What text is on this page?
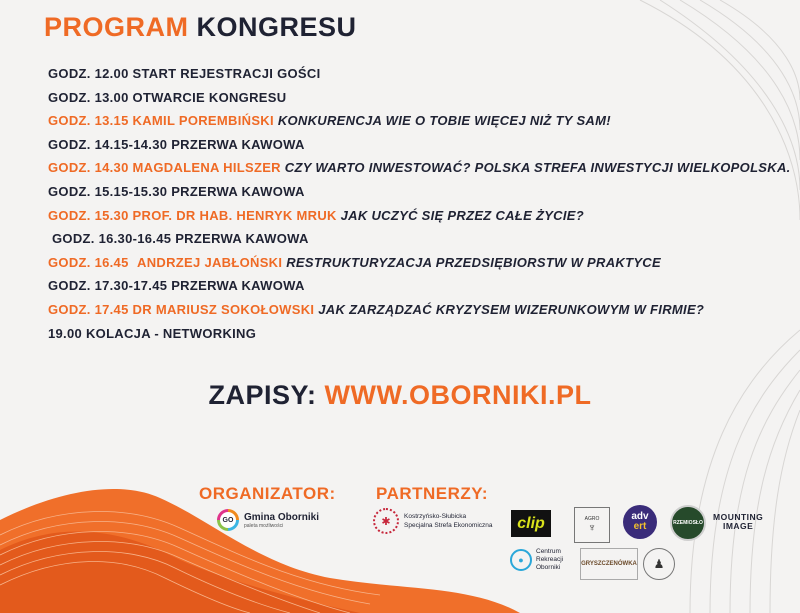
PROGRAM KONGRESU
GODZ. 12.00 START REJESTRACJI GOŚCI
GODZ. 13.00 OTWARCIE KONGRESU
GODZ. 13.15 KAMIL POREMBIŃSKI KONKURENCJA WIE O TOBIE WIĘCEJ NIŻ TY SAM!
GODZ. 14.15-14.30 PRZERWA KAWOWA
GODZ. 14.30 MAGDALENA HILSZER CZY WARTO INWESTOWAĆ? POLSKA STREFA INWESTYCJI WIELKOPOLSKA.
GODZ. 15.15-15.30 PRZERWA KAWOWA
GODZ. 15.30 PROF. DR HAB. HENRYK MRUK JAK UCZYĆ SIĘ PRZEZ CAŁE ŻYCIE?
GODZ. 16.30-16.45 PRZERWA KAWOWA
GODZ. 16.45 ANDRZEJ JABŁOŃSKI RESTRUKTURYZACJA PRZEDSIĘBIORSTW W PRAKTYCE
GODZ. 17.30-17.45 PRZERWA KAWOWA
GODZ. 17.45 DR MARIUSZ SOKOŁOWSKI JAK ZARZĄDZAĆ KRYZYSEM WIZERUNKOWYM W FIRMIE?
19.00 KOLACJA - NETWORKING
ZAPISY: WWW.OBORNIKI.PL
ORGANIZATOR: PARTNERZY:
GO Gmina Oborniki
paleta możliwości	✱	Kostrzyńsko-Słubicka
Specjalna Strefa Ekonomiczna clip	AGRO
♆
adv
ert	RZEMIOSŁO
MOUNTING
IMAGE
●
Centrum
Rekreacji
Oborniki	GRYSZCZENÓWKA ♟
